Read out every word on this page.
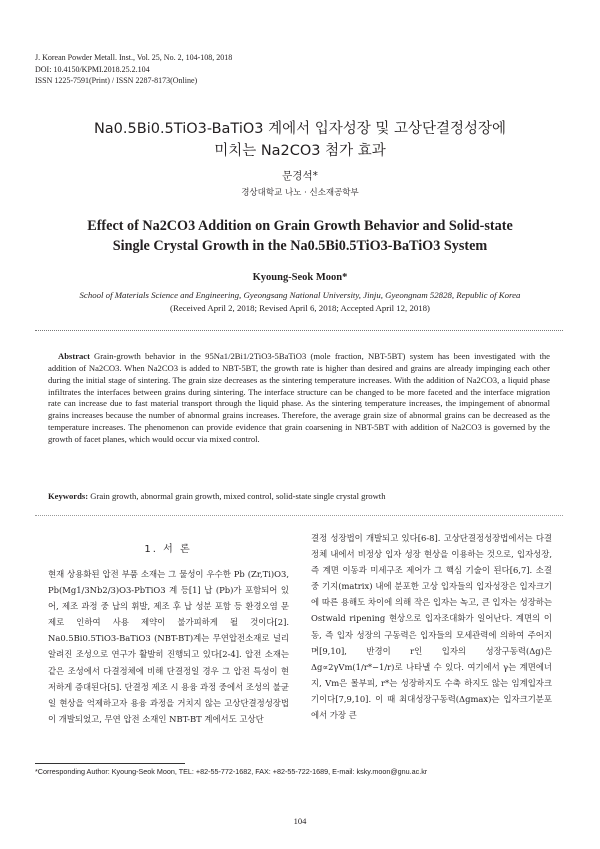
J. Korean Powder Metall. Inst., Vol. 25, No. 2, 104-108, 2018
DOI: 10.4150/KPMI.2018.25.2.104
ISSN 1225-7591(Print) / ISSN 2287-8173(Online)
Na0.5Bi0.5TiO3-BaTiO3 계에서 입자성장 및 고상단결정성장에
미치는 Na2CO3 첨가 효과
문경석*
경상대학교 나노 · 신소재공학부
Effect of Na2CO3 Addition on Grain Growth Behavior and Solid-state
Single Crystal Growth in the Na0.5Bi0.5TiO3-BaTiO3 System
Kyoung-Seok Moon*
School of Materials Science and Engineering, Gyeongsang National University, Jinju, Gyeongnam 52828, Republic of Korea
(Received April 2, 2018; Revised April 6, 2018; Accepted April 12, 2018)
Abstract Grain-growth behavior in the 95Na1/2Bi1/2TiO3-5BaTiO3 (mole fraction, NBT-5BT) system has been investigated with the addition of Na2CO3. When Na2CO3 is added to NBT-5BT, the growth rate is higher than desired and grains are already impinging each other during the initial stage of sintering. The grain size decreases as the sintering temperature increases. With the addition of Na2CO3, a liquid phase infiltrates the interfaces between grains during sintering. The interface structure can be changed to be more faceted and the interface migration rate can increase due to fast material transport through the liquid phase. As the sintering temperature increases, the impingement of abnormal grains increases because the number of abnormal grains increases. Therefore, the average grain size of abnormal grains can be decreased as the temperature increases. The phenomenon can provide evidence that grain coarsening in NBT-5BT with addition of Na2CO3 is governed by the growth of facet planes, which would occur via mixed control.
Keywords: Grain growth, abnormal grain growth, mixed control, solid-state single crystal growth
1. 서 론
현재 상용화된 압전 부품 소재는 그 물성이 우수한 Pb (Zr,Ti)O3, Pb(Mg1/3Nb2/3)O3-PbTiO3 계 등[1] 납 (Pb)가 포함되어 있어, 제조 과정 중 납의 휘발, 제조 후 납 성분 포함 등 환경오염 문제로 인하여 사용 제약이 불가피하게 될 것이다[2]. Na0.5Bi0.5TiO3-BaTiO3 (NBT-BT)계는 무연압전소재로 널리 알려진 조성으로 연구가 활발히 진행되고 있다[2-4]. 압전 소재는 같은 조성에서 다결정체에 비해 단결정일 경우 그 압전 특성이 현저하게 증대된다[5]. 단결정 제조 시 용융 과정 중에서 조성의 불균일 현상을 억제하고자 용융 과정을 거치지 않는 고상단결정성장법이 개발되었고, 무연 압전 소재인 NBT-BT 계에서도 고상단
결정 성장법이 개발되고 있다[6-8]. 고상단결정성장법에서는 다결정체 내에서 비정상 입자 성장 현상을 이용하는 것으로, 입자성장, 즉 계면 이동과 미세구조 제어가 그 핵심 기술이 된다[6,7]. 소결 중 기지(matrix) 내에 분포한 고상 입자들의 입자성장은 입자크기에 따른 용해도 차이에 의해 작은 입자는 녹고, 큰 입자는 성장하는 Ostwald ripening 현상으로 입자조대화가 일어난다. 계면의 이동, 즉 입자 성장의 구동력은 입자들의 모세관력에 의하여 주어지며[9,10], 반경이 r인 입자의 성장구동력(Δg)은 Δg∝2γVm(1/r*−1/r)로 나타낼 수 있다. 여기에서 γ는 계면에너지, Vm은 몰부피, r*는 성장하지도 수축 하지도 않는 임계입자크기이다[7,9,10]. 이 때 최대성장구동력(Δgmax)는 입자크기분포에서 가장 큰
*Corresponding Author: Kyoung-Seok Moon, TEL: +82-55-772-1682, FAX: +82-55-722-1689, E-mail: ksky.moon@gnu.ac.kr
104
